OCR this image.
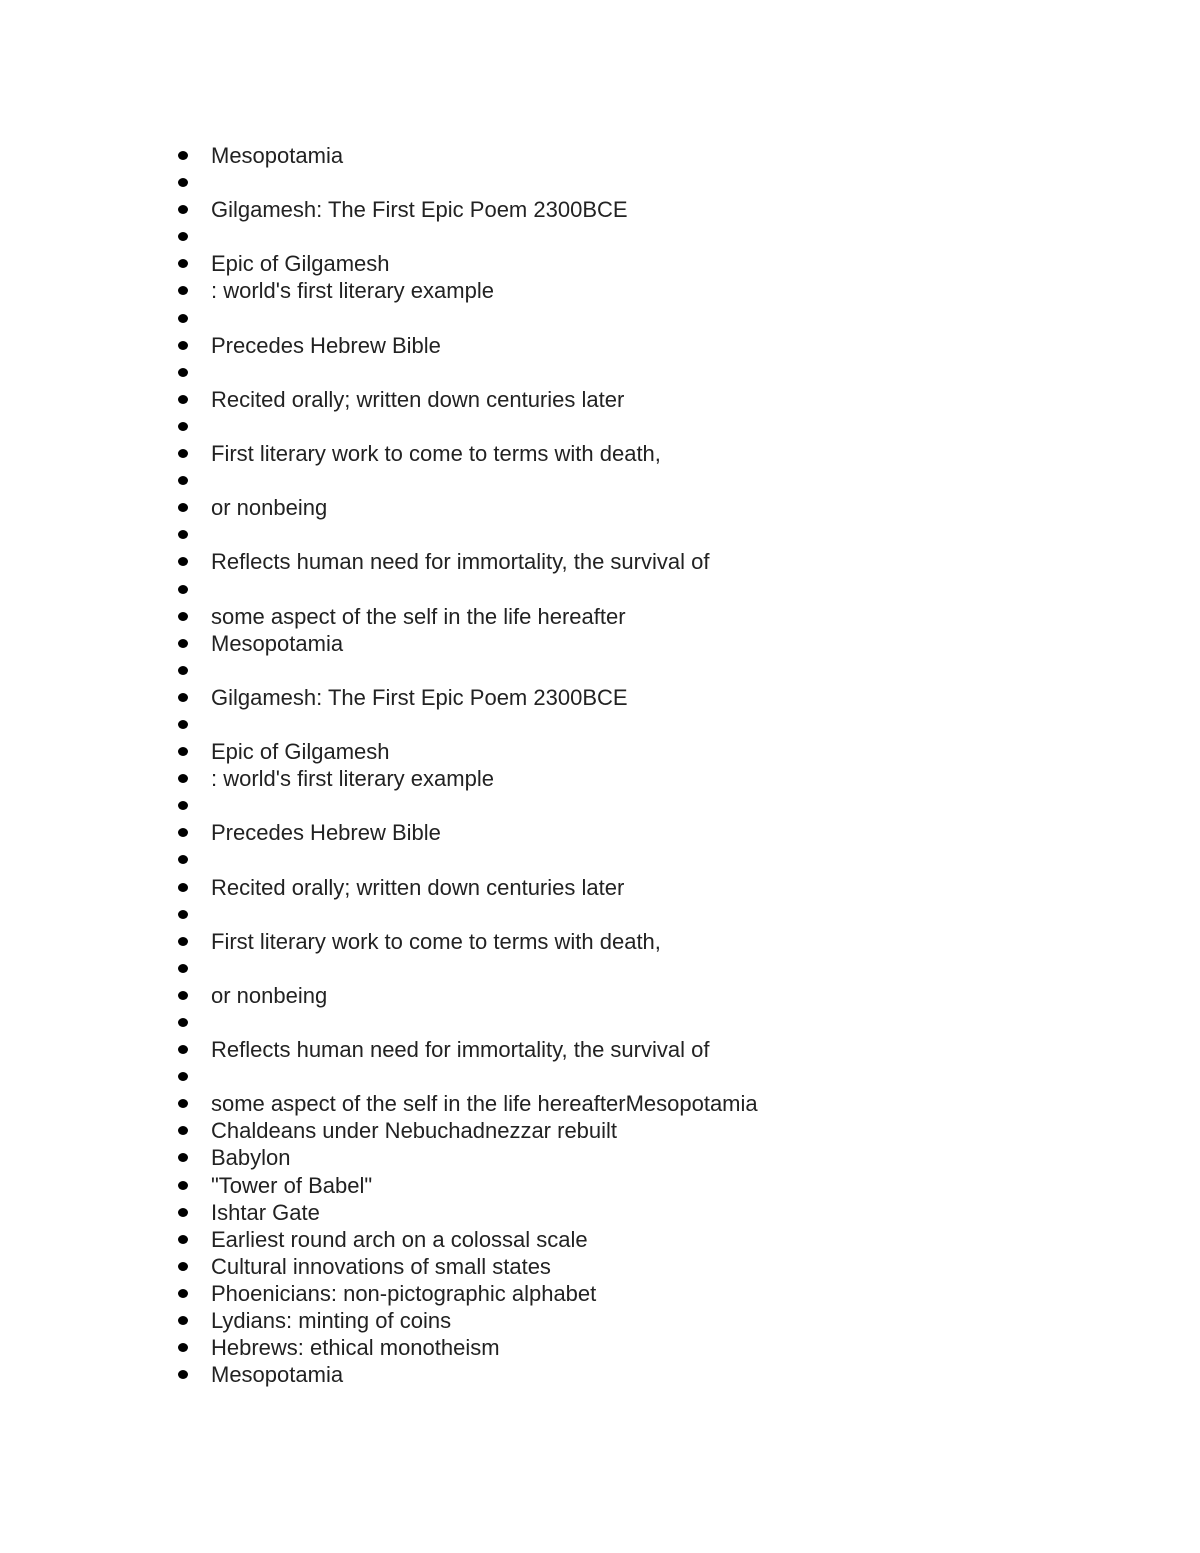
Mesopotamia
Gilgamesh: The First Epic Poem 2300BCE
Epic of Gilgamesh
: world's first literary example
Precedes Hebrew Bible
Recited orally; written down centuries later
First literary work to come to terms with death,
or nonbeing
Reflects human need for immortality, the survival of
some aspect of the self in the life hereafter
Mesopotamia
Gilgamesh: The First Epic Poem 2300BCE
Epic of Gilgamesh
: world's first literary example
Precedes Hebrew Bible
Recited orally; written down centuries later
First literary work to come to terms with death,
or nonbeing
Reflects human need for immortality, the survival of
some aspect of the self in the life hereafterMesopotamia
Chaldeans under Nebuchadnezzar rebuilt
Babylon
"Tower of Babel"
Ishtar Gate
Earliest round arch on a colossal scale
Cultural innovations of small states
Phoenicians: non-pictographic alphabet
Lydians: minting of coins
Hebrews: ethical monotheism
Mesopotamia
